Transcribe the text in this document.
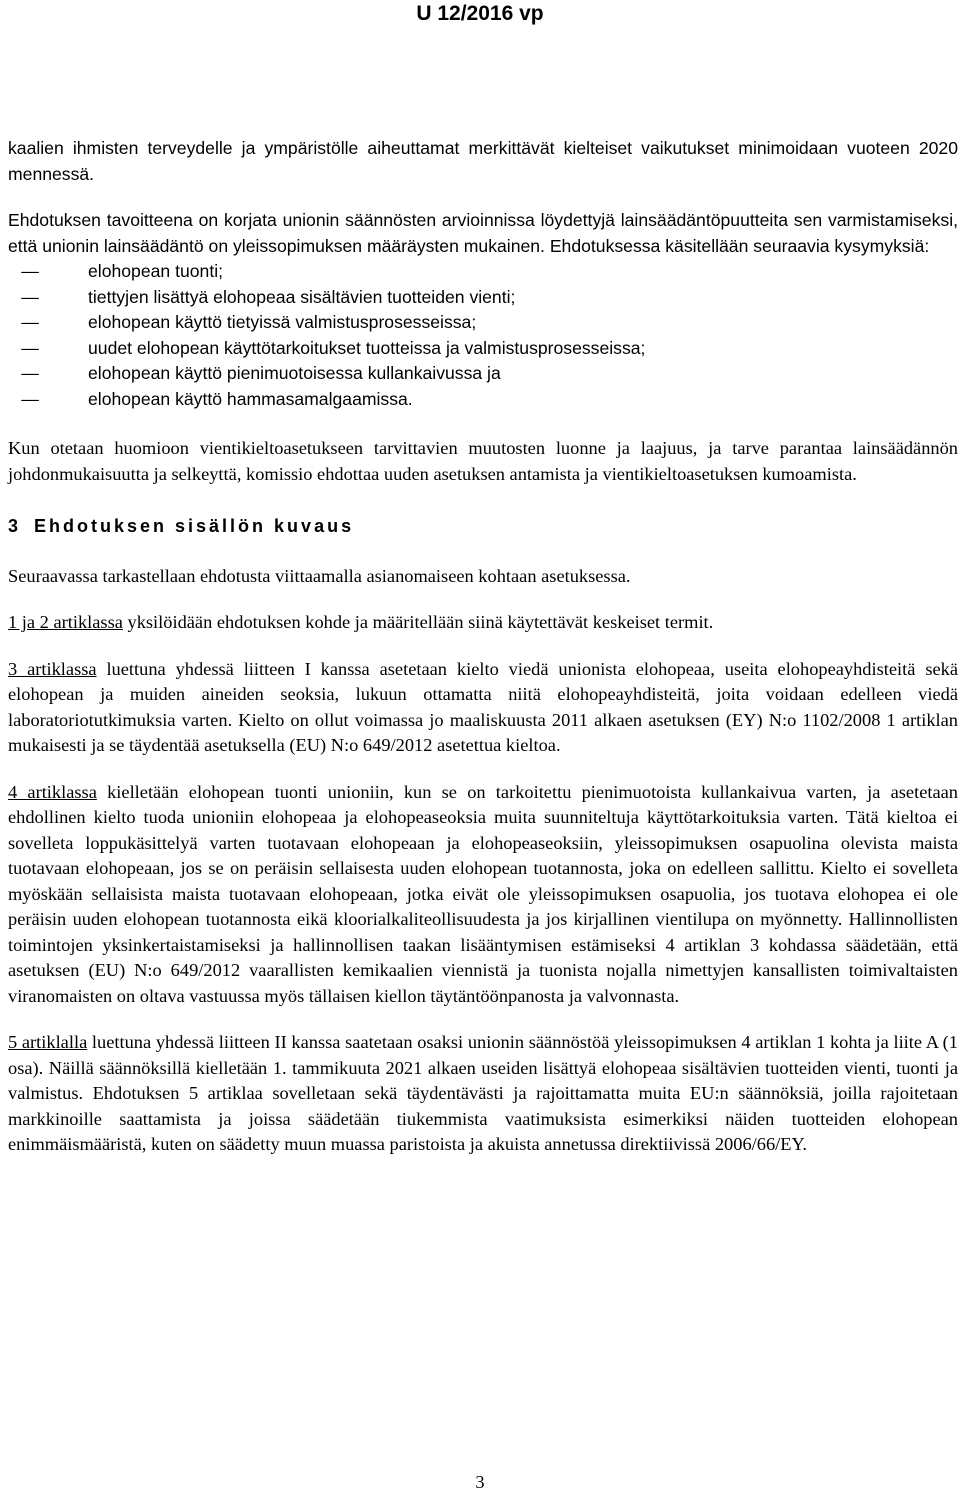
U 12/2016 vp

kaalien ihmisten terveydelle ja ympäristölle aiheuttamat merkittävät kielteiset vaikutukset minimoidaan vuoteen 2020 mennessä.

Ehdotuksen tavoitteena on korjata unionin säännösten arvioinnissa löydettyjä lainsäädäntöpuutteita sen varmistamiseksi, että unionin lainsäädäntö on yleissopimuksen määräysten mukainen. Ehdotuksessa käsitellään seuraavia kysymyksiä:

—	elohopean tuonti;
—	tiettyjen lisättyä elohopeaa sisältävien tuotteiden vienti;
—	elohopean käyttö tietyissä valmistusprosesseissa;
—	uudet elohopean käyttötarkoitukset tuotteissa ja valmistusprosesseissa;
—	elohopean käyttö pienimuotoisessa kullankaivussa ja
—	elohopean käyttö hammasamalgaamissa.

Kun otetaan huomioon vientikieltoasetukseen tarvittavien muutosten luonne ja laajuus, ja tarve parantaa lainsäädännön johdonmukaisuutta ja selkeyttä, komissio ehdottaa uuden asetuksen antamista ja vientikieltoasetuksen kumoamista.

3 Ehdotuksen sisällön kuvaus

Seuraavassa tarkastellaan ehdotusta viittaamalla asianomaiseen kohtaan asetuksessa.

1 ja 2 artiklassa yksilöidään ehdotuksen kohde ja määritellään siinä käytettävät keskeiset termit.

3 artiklassa luettuna yhdessä liitteen I kanssa asetetaan kielto viedä unionista elohopeaa, useita elohopeayhdisteitä sekä elohopean ja muiden aineiden seoksia, lukuun ottamatta niitä elohopeayhdisteitä, joita voidaan edelleen viedä laboratoriotutkimuksia varten. Kielto on ollut voimassa jo maaliskuusta 2011 alkaen asetuksen (EY) N:o 1102/2008 1 artiklan mukaisesti ja se täydentää asetuksella (EU) N:o 649/2012 asetettua kieltoa.

4 artiklassa kielletään elohopean tuonti unioniin, kun se on tarkoitettu pienimuotoista kullankaivua varten, ja asetetaan ehdollinen kielto tuoda unioniin elohopeaa ja elohopeaseoksia muita suunniteltuja käyttötarkoituksia varten. Tätä kieltoa ei sovelleta loppukäsittelyä varten tuotavaan elohopeaan ja elohopeaseoksiin, yleissopimuksen osapuolina olevista maista tuotavaan elohopeaan, jos se on peräisin sellaisesta uuden elohopean tuotannosta, joka on edelleen sallittu. Kielto ei sovelleta myöskään sellaisista maista tuotavaan elohopeaan, jotka eivät ole yleissopimuksen osapuolia, jos tuotava elohopea ei ole peräisin uuden elohopean tuotannosta eikä kloorialkaliteollisuudesta ja jos kirjallinen vientilupa on myönnetty. Hallinnollisten toimintojen yksinkertaistamiseksi ja hallinnollisen taakan lisääntymisen estämiseksi 4 artiklan 3 kohdassa säädetään, että asetuksen (EU) N:o 649/2012 vaarallisten kemikaalien viennistä ja tuonista nojalla nimettyjen kansallisten toimivaltaisten viranomaisten on oltava vastuussa myös tällaisen kiellon täytäntöönpanosta ja valvonnasta.

5 artiklalla luettuna yhdessä liitteen II kanssa saatetaan osaksi unionin säännöstöä yleissopimuksen 4 artiklan 1 kohta ja liite A (1 osa). Näillä säännöksillä kielletään 1. tammikuuta 2021 alkaen useiden lisättyä elohopeaa sisältävien tuotteiden vienti, tuonti ja valmistus. Ehdotuksen 5 artiklaa sovelletaan sekä täydentävästi ja rajoittamatta muita EU:n säännöksiä, joilla rajoitetaan markkinoille saattamista ja joissa säädetään tiukemmista vaatimuksista esimerkiksi näiden tuotteiden elohopean enimmäismääristä, kuten on säädetty muun muassa paristoista ja akuista annetussa direktiivissä 2006/66/EY.

3
